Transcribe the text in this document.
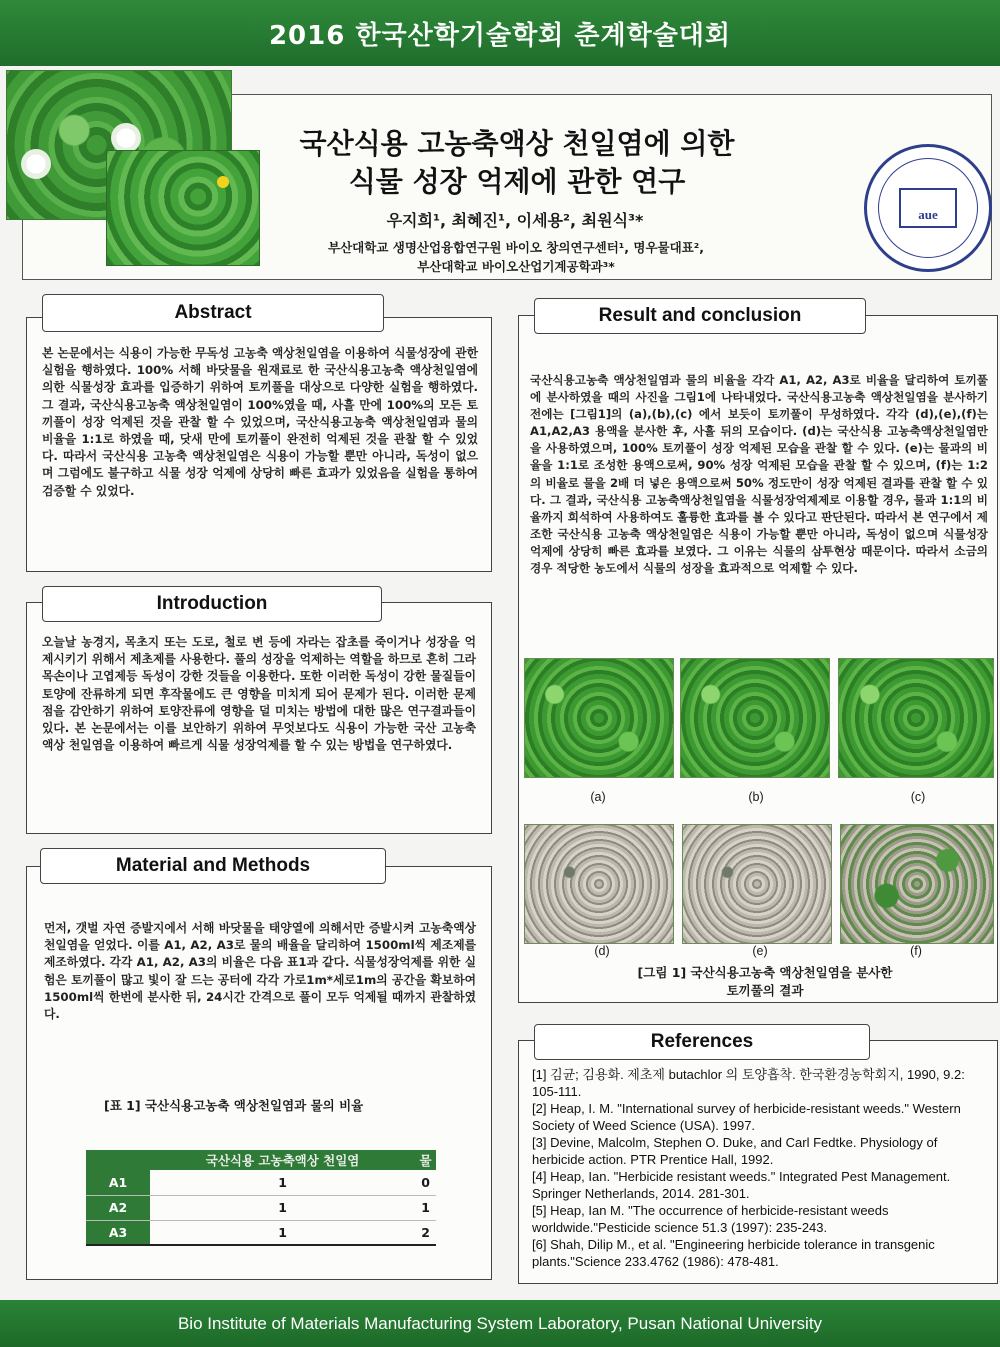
2016 한국산학기술학회 춘계학술대회
국산식용 고농축액상 천일염에 의한
식물 성장 억제에 관한 연구
우지희¹, 최혜진¹, 이세용², 최원식³*
부산대학교 생명산업융합연구원 바이오 창의연구센터¹, 명우물대표²,
부산대학교 바이오산업기계공학과³*
aue
Abstract

본 논문에서는 식용이 가능한 무독성 고농축 액상천일염을 이용하여 식물성장에 관한 실험을 행하였다. 100% 서해 바닷물을 원재료로 한 국산식용고농축 액상천일염에 의한 식물성장 효과를 입증하기 위하여 토끼풀을 대상으로 다양한 실험을 행하였다. 그 결과, 국산식용고농축 액상천일염이 100%였을 때, 사흘 만에 100%의 모든 토끼풀이 성장 억제된 것을 관찰 할 수 있었으며, 국산식용고농축 액상천일염과 물의 비율을 1:1로 하였을 때, 닷새 만에 토끼풀이 완전히 억제된 것을 관찰 할 수 있었다. 따라서 국산식용 고농축 액상천일염은 식용이 가능할 뿐만 아니라, 독성이 없으며 그럼에도 불구하고 식물 성장 억제에 상당히 빠른 효과가 있었음을 실험을 통하여 검증할 수 있었다.

Introduction

오늘날 농경지, 목초지 또는 도로, 철로 변 등에 자라는 잡초를 죽이거나 성장을 억제시키기 위해서 제초제를 사용한다. 풀의 성장을 억제하는 역할을 하므로 흔히 그라목손이나 고엽제등 독성이 강한 것들을 이용한다. 또한 이러한 독성이 강한 물질들이 토양에 잔류하게 되면 후작물에도 큰 영향을 미치게 되어 문제가 된다. 이러한 문제점을 감안하기 위하여 토양잔류에 영향을 덜 미치는 방법에 대한 많은 연구결과들이 있다. 본 논문에서는 이를 보안하기 위하여 무엇보다도 식용이 가능한 국산 고농축 액상 천일염을 이용하여 빠르게 식물 성장억제를 할 수 있는 방법을 연구하였다.

Material and Methods

먼저, 갯벌 자연 증발지에서 서해 바닷물을 태양열에 의해서만 증발시켜 고농축액상천일염을 얻었다. 이를 A1, A2, A3로 물의 배율을 달리하여 1500ml씩 제조제를 제조하였다. 각각 A1, A2, A3의 비율은 다음 표1과 같다. 식물성장억제를 위한 실험은 토끼풀이 많고 빛이 잘 드는 공터에 각각 가로1m*세로1m의 공간을 확보하여 1500ml씩 한번에 분사한 뒤, 24시간 간격으로 풀이 모두 억제될 때까지 관찰하였다.

[표 1] 국산식용고농축 액상천일염과 물의 비율
	국산식용 고농축액상 천일염	물
A1	1	0
A2	1	1
A3	1	2
Result and conclusion

국산식용고농축 액상천일염과 물의 비율을 각각 A1, A2, A3로 비율을 달리하여 토끼풀에 분사하였을 때의 사진을 그림1에 나타내었다. 국산식용고농축 액상천일염을 분사하기 전에는 [그림1]의 (a),(b),(c) 에서 보듯이 토끼풀이 무성하였다. 각각 (d),(e),(f)는 A1,A2,A3 용액을 분사한 후, 사흘 뒤의 모습이다. (d)는 국산식용 고농축액상천일염만을 사용하였으며, 100% 토끼풀이 성장 억제된 모습을 관찰 할 수 있다. (e)는 물과의 비율을 1:1로 조성한 용액으로써, 90% 성장 억제된 모습을 관찰 할 수 있으며, (f)는 1:2의 비율로 물을 2배 더 넣은 용액으로써 50% 정도만이 성장 억제된 결과를 관찰 할 수 있다. 그 결과, 국산식용 고농축액상천일염을 식물성장억제제로 이용할 경우, 물과 1:1의 비율까지 희석하여 사용하여도 훌륭한 효과를 볼 수 있다고 판단된다. 따라서 본 연구에서 제조한 국산식용 고농축 액상천일염은 식용이 가능할 뿐만 아니라, 독성이 없으며 식물성장억제에 상당히 빠른 효과를 보였다. 그 이유는 식물의 삼투현상 때문이다. 따라서 소금의 경우 적당한 농도에서 식물의 성장을 효과적으로 억제할 수 있다.

(a)	(b)	(c)
(d)	(e)	(f)
[그림 1] 국산식용고농축 액상천일염을 분사한
토끼풀의 결과
References
[1] 김균; 김용화. 제초제 butachlor 의 토양흡착. 한국환경농학회지, 1990, 9.2: 105-111.
[2] Heap, I. M. "International survey of herbicide-resistant weeds." Western Society of Weed Science (USA). 1997.
[3] Devine, Malcolm, Stephen O. Duke, and Carl Fedtke. Physiology of herbicide action. PTR Prentice Hall, 1992.
[4] Heap, Ian. "Herbicide resistant weeds." Integrated Pest Management. Springer Netherlands, 2014. 281-301.
[5] Heap, Ian M. "The occurrence of herbicide-resistant weeds worldwide."Pesticide science 51.3 (1997): 235-243.
[6] Shah, Dilip M., et al. "Engineering herbicide tolerance in transgenic plants."Science 233.4762 (1986): 478-481.
Bio Institute of Materials Manufacturing System Laboratory, Pusan National University
